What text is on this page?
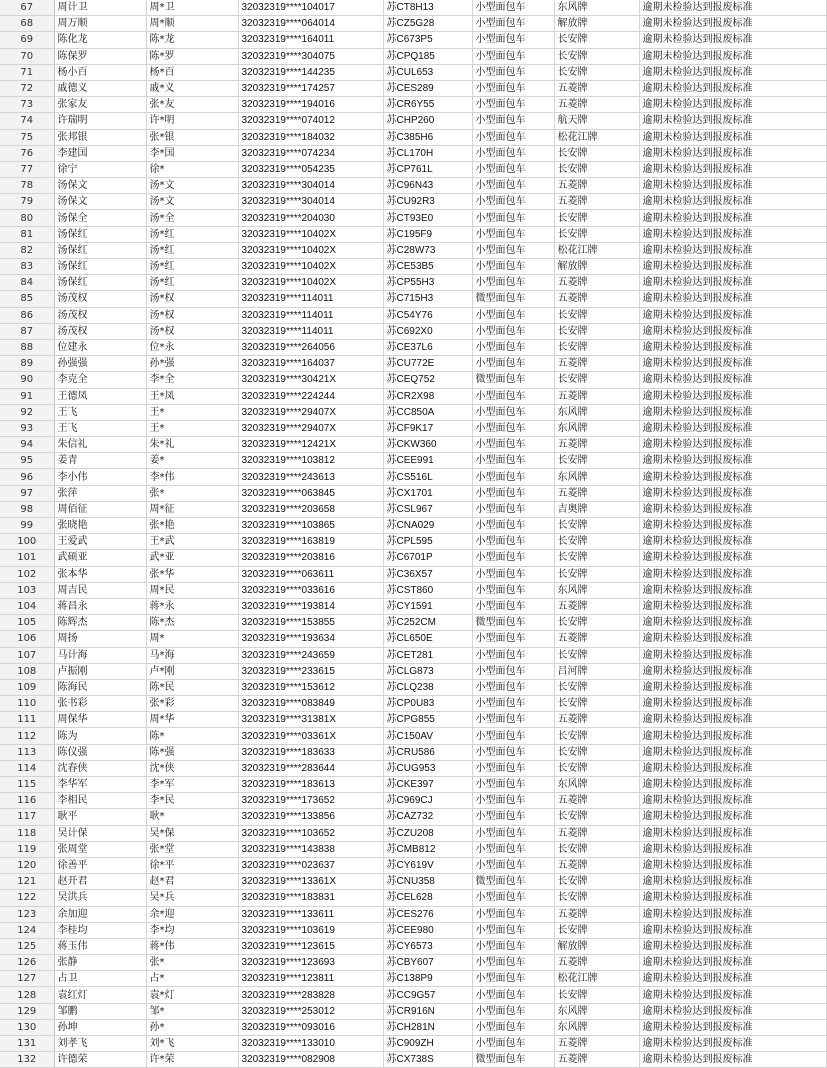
67	周计卫	周*卫	32032319****104017	苏CT8H13	小型面包车	东风牌	逾期未检验达到报废标准	
68	周万顺	周*顺	32032319****064014	苏CZ5G28	小型面包车	解放牌	逾期未检验达到报废标准	
69	陈化龙	陈*龙	32032319****164011	苏C673P5	小型面包车	长安牌	逾期未检验达到报废标准	
70	陈保罗	陈*罗	32032319****304075	苏CPQ185	小型面包车	长安牌	逾期未检验达到报废标准	
71	杨小百	杨*百	32032319****144235	苏CUL653	小型面包车	长安牌	逾期未检验达到报废标准	
72	戚德义	戚*义	32032319****174257	苏CES289	小型面包车	五菱牌	逾期未检验达到报废标准	
73	张家友	张*友	32032319****194016	苏CR6Y55	小型面包车	五菱牌	逾期未检验达到报废标准	
74	许瑞明	许*明	32032319****074012	苏CHP260	小型面包车	航天牌	逾期未检验达到报废标准	
75	张邦银	张*银	32032319****184032	苏C385H6	小型面包车	松花江牌	逾期未检验达到报废标准	
76	李建国	李*国	32032319****074234	苏CL170H	小型面包车	长安牌	逾期未检验达到报废标准	
77	徐宁	徐*	32032319****054235	苏CP761L	小型面包车	长安牌	逾期未检验达到报废标准	
78	汤保文	汤*文	32032319****304014	苏C96N43	小型面包车	五菱牌	逾期未检验达到报废标准	
79	汤保文	汤*文	32032319****304014	苏CU92R3	小型面包车	五菱牌	逾期未检验达到报废标准	
80	汤保全	汤*全	32032319****204030	苏CT93E0	小型面包车	长安牌	逾期未检验达到报废标准	
81	汤保红	汤*红	32032319****10402X	苏C195F9	小型面包车	长安牌	逾期未检验达到报废标准	
82	汤保红	汤*红	32032319****10402X	苏C28W73	小型面包车	松花江牌	逾期未检验达到报废标准	
83	汤保红	汤*红	32032319****10402X	苏CE53B5	小型面包车	解放牌	逾期未检验达到报废标准	
84	汤保红	汤*红	32032319****10402X	苏CP55H3	小型面包车	五菱牌	逾期未检验达到报废标准	
85	汤茂权	汤*权	32032319****114011	苏C715H3	微型面包车	五菱牌	逾期未检验达到报废标准	
86	汤茂权	汤*权	32032319****114011	苏C54Y76	小型面包车	长安牌	逾期未检验达到报废标准	
87	汤茂权	汤*权	32032319****114011	苏C692X0	小型面包车	长安牌	逾期未检验达到报废标准	
88	位建永	位*永	32032319****264056	苏CE37L6	小型面包车	长安牌	逾期未检验达到报废标准	
89	孙强强	孙*强	32032319****164037	苏CU772E	小型面包车	五菱牌	逾期未检验达到报废标准	
90	李克全	李*全	32032319****30421X	苏CEQ752	微型面包车	长安牌	逾期未检验达到报废标准	
91	王德凤	王*凤	32032319****224244	苏CR2X98	小型面包车	五菱牌	逾期未检验达到报废标准	
92	王飞	王*	32032319****29407X	苏CC850A	小型面包车	东风牌	逾期未检验达到报废标准	
93	王飞	王*	32032319****29407X	苏CF9K17	小型面包车	东风牌	逾期未检验达到报废标准	
94	朱信礼	朱*礼	32032319****12421X	苏CKW360	小型面包车	五菱牌	逾期未检验达到报废标准	
95	姜青	姜*	32032319****103812	苏CEE991	小型面包车	长安牌	逾期未检验达到报废标准	
96	李小伟	李*伟	32032319****243613	苏CS516L	小型面包车	东风牌	逾期未检验达到报废标准	
97	张萍	张*	32032319****063845	苏CX1701	小型面包车	五菱牌	逾期未检验达到报废标准	
98	周佰征	周*征	32032319****203658	苏CSL967	小型面包车	吉奥牌	逾期未检验达到报废标准	
99	张晓艳	张*艳	32032319****103865	苏CNA029	小型面包车	长安牌	逾期未检验达到报废标准	
100	王爱武	王*武	32032319****163819	苏CPL595	小型面包车	长安牌	逾期未检验达到报废标准	
101	武硕亚	武*亚	32032319****203816	苏C6701P	小型面包车	长安牌	逾期未检验达到报废标准	
102	张本华	张*华	32032319****063611	苏C36X57	小型面包车	长安牌	逾期未检验达到报废标准	
103	周吉民	周*民	32032319****033616	苏CST860	小型面包车	东风牌	逾期未检验达到报废标准	
104	蒋昌永	蒋*永	32032319****193814	苏CY1591	小型面包车	五菱牌	逾期未检验达到报废标准	
105	陈辉杰	陈*杰	32032319****153855	苏C252CM	微型面包车	长安牌	逾期未检验达到报废标准	
106	周扬	周*	32032319****193634	苏CL650E	小型面包车	五菱牌	逾期未检验达到报废标准	
107	马计海	马*海	32032319****243659	苏CET281	小型面包车	长安牌	逾期未检验达到报废标准	
108	卢振刚	卢*刚	32032319****233615	苏CLG873	小型面包车	吕河牌	逾期未检验达到报废标准	
109	陈海民	陈*民	32032319****153612	苏CLQ238	小型面包车	长安牌	逾期未检验达到报废标准	
110	张书彩	张*彩	32032319****083849	苏CP0U83	小型面包车	长安牌	逾期未检验达到报废标准	
111	周保华	周*华	32032319****31381X	苏CPG855	小型面包车	五菱牌	逾期未检验达到报废标准	
112	陈为	陈*	32032319****03361X	苏C150AV	小型面包车	长安牌	逾期未检验达到报废标准	
113	陈仪强	陈*强	32032319****183633	苏CRU586	小型面包车	长安牌	逾期未检验达到报废标准	
114	沈春侠	沈*侠	32032319****283644	苏CUG953	小型面包车	长安牌	逾期未检验达到报废标准	
115	李华军	李*军	32032319****183613	苏CKE397	小型面包车	东风牌	逾期未检验达到报废标准	
116	李相民	李*民	32032319****173652	苏C969CJ	小型面包车	五菱牌	逾期未检验达到报废标准	
117	耿平	耿*	32032319****133856	苏CAZ732	小型面包车	长安牌	逾期未检验达到报废标准	
118	吴计保	吴*保	32032319****103652	苏CZU208	小型面包车	五菱牌	逾期未检验达到报废标准	
119	张周堂	张*堂	32032319****143838	苏CMB812	小型面包车	长安牌	逾期未检验达到报废标准	
120	徐善平	徐*平	32032319****023637	苏CY619V	小型面包车	五菱牌	逾期未检验达到报废标准	
121	赵开君	赵*君	32032319****13361X	苏CNU358	微型面包车	长安牌	逾期未检验达到报废标准	
122	吴洪兵	吴*兵	32032319****183831	苏CEL628	小型面包车	长安牌	逾期未检验达到报废标准	
123	余加迎	余*迎	32032319****133611	苏CES276	小型面包车	五菱牌	逾期未检验达到报废标准	
124	李桂均	李*均	32032319****103619	苏CEE980	小型面包车	长安牌	逾期未检验达到报废标准	
125	蒋玉伟	蒋*伟	32032319****123615	苏CY6573	小型面包车	解放牌	逾期未检验达到报废标准	
126	张静	张*	32032319****123693	苏CBY607	小型面包车	五菱牌	逾期未检验达到报废标准	
127	占卫	占*	32032319****123811	苏C138P9	小型面包车	松花江牌	逾期未检验达到报废标准	
128	袁红灯	袁*灯	32032319****283828	苏CC9G57	小型面包车	长安牌	逾期未检验达到报废标准	
129	邹鹏	邹*	32032319****253012	苏CR916N	小型面包车	东风牌	逾期未检验达到报废标准	
130	孙坤	孙*	32032319****093016	苏CH281N	小型面包车	东风牌	逾期未检验达到报废标准	
131	刘孝飞	刘*飞	32032319****133010	苏C909ZH	小型面包车	五菱牌	逾期未检验达到报废标准	
132	许德荣	许*荣	32032319****082908	苏CX738S	微型面包车	五菱牌	逾期未检验达到报废标准	
